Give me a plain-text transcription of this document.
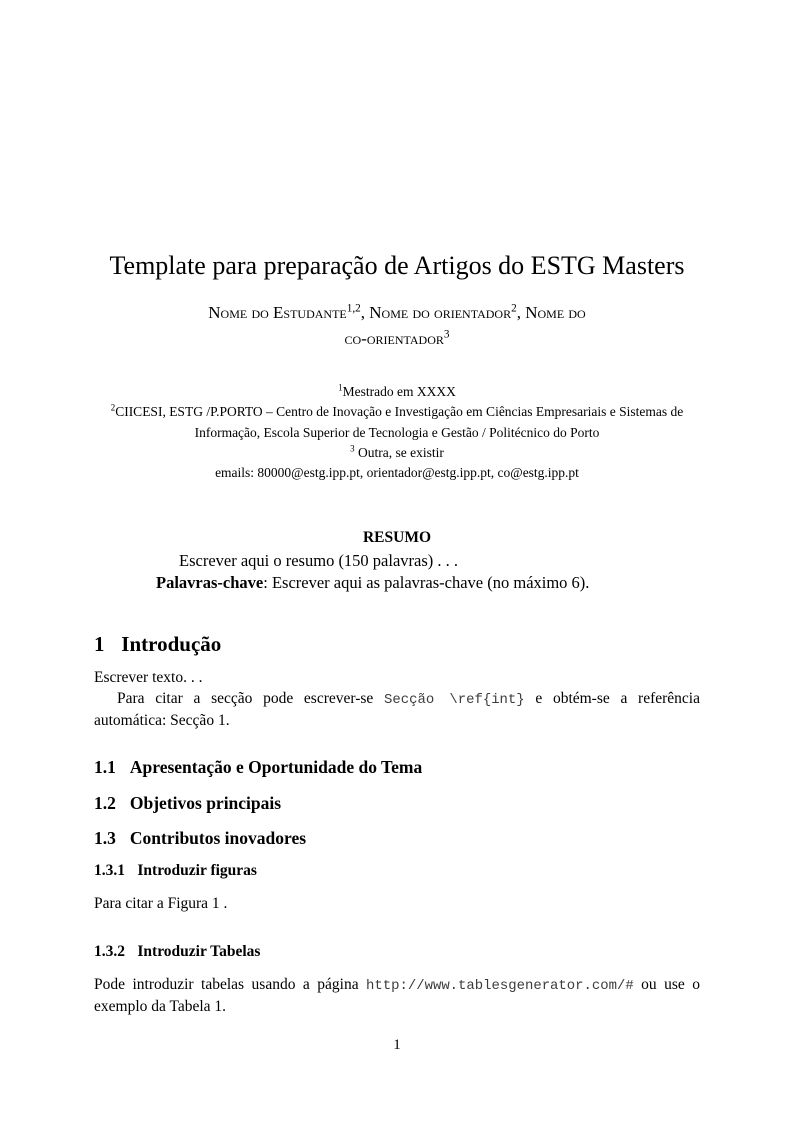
Template para preparação de Artigos do ESTG Masters
Nome do Estudante$^{1,2}$, Nome do orientador$^2$, Nome do
co-orientador$^3$
$^1$Mestrado em XXXX
$^2$CIICESI, ESTG /P.PORTO – Centro de Inovação e Investigação em Ciências Empresariais e Sistemas de Informação, Escola Superior de Tecnologia e Gestão / Politécnico do Porto
$^3$ Outra, se existir
emails: 80000@estg.ipp.pt, orientador@estg.ipp.pt, co@estg.ipp.pt
RESUMO

Escrever aqui o resumo (150 palavras) . . .

Palavras-chave: Escrever aqui as palavras-chave (no máximo 6).

1 Introdução

Escrever texto. . .

Para citar a secção pode escrever-se Secção \ref{int} e obtém-se a referência automática: Secção 1.

1.1 Apresentação e Oportunidade do Tema
1.2 Objetivos principais
1.3 Contributos inovadores
1.3.1 Introduzir figuras

Para citar a Figura 1 .

1.3.2 Introduzir Tabelas

Pode introduzir tabelas usando a página http://www.tablesgenerator.com/# ou use o exemplo da Tabela 1.

1
